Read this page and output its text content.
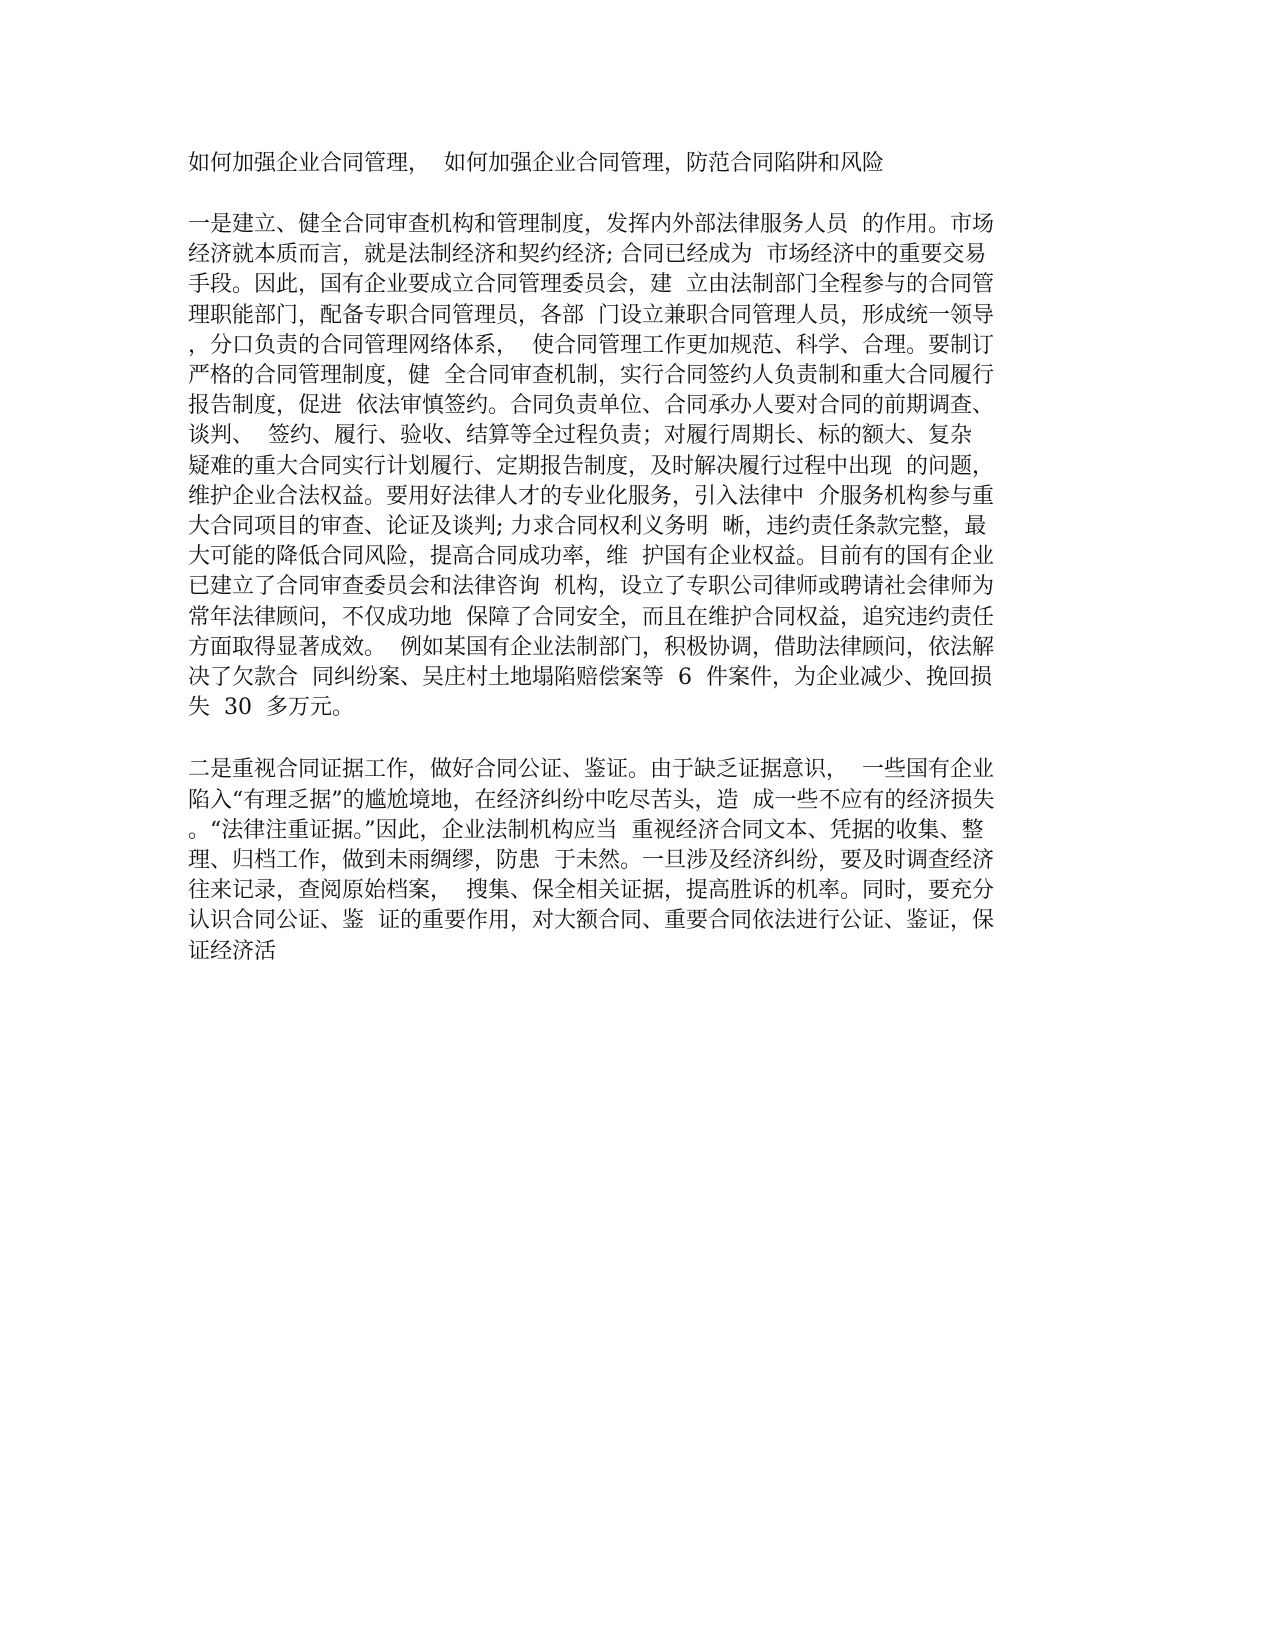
如何加强企业合同管理，  如何加强企业合同管理，防范合同陷阱和风险
一是建立、健全合同审查机构和管理制度，发挥内外部法律服务人员  的作用。市场
经济就本质而言，就是法制经济和契约经济; 合同已经成为  市场经济中的重要交易
手段。因此，国有企业要成立合同管理委员会，建  立由法制部门全程参与的合同管
理职能部门，配备专职合同管理员，各部  门设立兼职合同管理人员，形成统一领导
，分口负责的合同管理网络体系，  使合同管理工作更加规范、科学、合理。要制订
严格的合同管理制度，健  全合同审查机制，实行合同签约人负责制和重大合同履行
报告制度，促进  依法审慎签约。合同负责单位、合同承办人要对合同的前期调查、
谈判、  签约、履行、验收、结算等全过程负责；对履行周期长、标的额大、复杂
疑难的重大合同实行计划履行、定期报告制度，及时解决履行过程中出现  的问题，
维护企业合法权益。要用好法律人才的专业化服务，引入法律中  介服务机构参与重
大合同项目的审查、论证及谈判; 力求合同权利义务明  晰，违约责任条款完整，最
大可能的降低合同风险，提高合同成功率，维  护国有企业权益。目前有的国有企业
已建立了合同审查委员会和法律咨询  机构，设立了专职公司律师或聘请社会律师为
常年法律顾问，不仅成功地  保障了合同安全，而且在维护合同权益，追究违约责任
方面取得显著成效。  例如某国有企业法制部门，积极协调，借助法律顾问，依法解
决了欠款合  同纠纷案、吴庄村土地塌陷赔偿案等  6  件案件，为企业减少、挽回损
失  30  多万元。
二是重视合同证据工作，做好合同公证、鉴证。由于缺乏证据意识，  一些国有企业
陷入“有理乏据”的尴尬境地，在经济纠纷中吃尽苦头，造  成一些不应有的经济损失
。“法律注重证据。”因此，企业法制机构应当  重视经济合同文本、凭据的收集、整
理、归档工作，做到未雨绸缪，防患  于未然。一旦涉及经济纠纷，要及时调查经济
往来记录，查阅原始档案，  搜集、保全相关证据，提高胜诉的机率。同时，要充分
认识合同公证、鉴  证的重要作用，对大额合同、重要合同依法进行公证、鉴证，保
证经济活
